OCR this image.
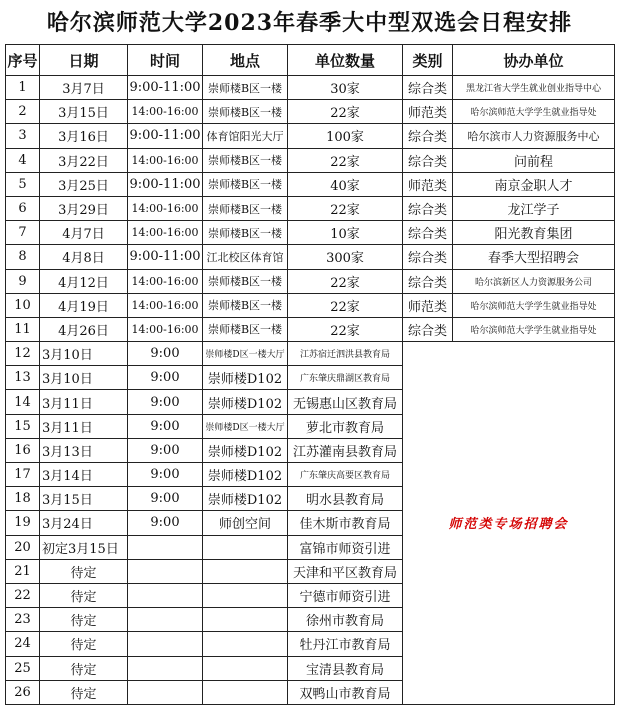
哈尔滨师范大学2023年春季大中型双选会日程安排
序号	日期	时间	地点	单位数量	类别	协办单位
1	3月7日	9:00-11:00	崇师楼B区一楼	30家	综合类	黑龙江省大学生就业创业指导中心
2	3月15日	14:00-16:00	崇师楼B区一楼	22家	师范类	哈尔滨师范大学学生就业指导处
3	3月16日	9:00-11:00	体育馆阳光大厅	100家	综合类	哈尔滨市人力资源服务中心
4	3月22日	14:00-16:00	崇师楼B区一楼	22家	综合类	问前程
5	3月25日	9:00-11:00	崇师楼B区一楼	40家	师范类	南京金职人才
6	3月29日	14:00-16:00	崇师楼B区一楼	22家	综合类	龙江学子
7	4月7日	14:00-16:00	崇师楼B区一楼	10家	综合类	阳光教育集团
8	4月8日	9:00-11:00	江北校区体育馆	300家	综合类	春季大型招聘会
9	4月12日	14:00-16:00	崇师楼B区一楼	22家	综合类	哈尔滨新区人力资源服务公司
10	4月19日	14:00-16:00	崇师楼B区一楼	22家	师范类	哈尔滨师范大学学生就业指导处
11	4月26日	14:00-16:00	崇师楼B区一楼	22家	综合类	哈尔滨师范大学学生就业指导处
12	3月10日	9:00	崇师楼D区一楼大厅	江苏宿迁泗洪县教育局	师范类专场招聘会	
13	3月10日	9:00	崇师楼D102	广东肇庆鼎湖区教育局		
14	3月11日	9:00	崇师楼D102	无锡惠山区教育局		
15	3月11日	9:00	崇师楼D区一楼大厅	萝北市教育局		
16	3月13日	9:00	崇师楼D102	江苏灌南县教育局		
17	3月14日	9:00	崇师楼D102	广东肇庆高要区教育局		
18	3月15日	9:00	崇师楼D102	明水县教育局		
19	3月24日	9:00	师创空间	佳木斯市教育局		
20	初定3月15日			富锦市师资引进		
21	待定			天津和平区教育局		
22	待定			宁德市师资引进		
23	待定			徐州市教育局		
24	待定			牡丹江市教育局		
25	待定			宝清县教育局		
26	待定			双鸭山市教育局		
